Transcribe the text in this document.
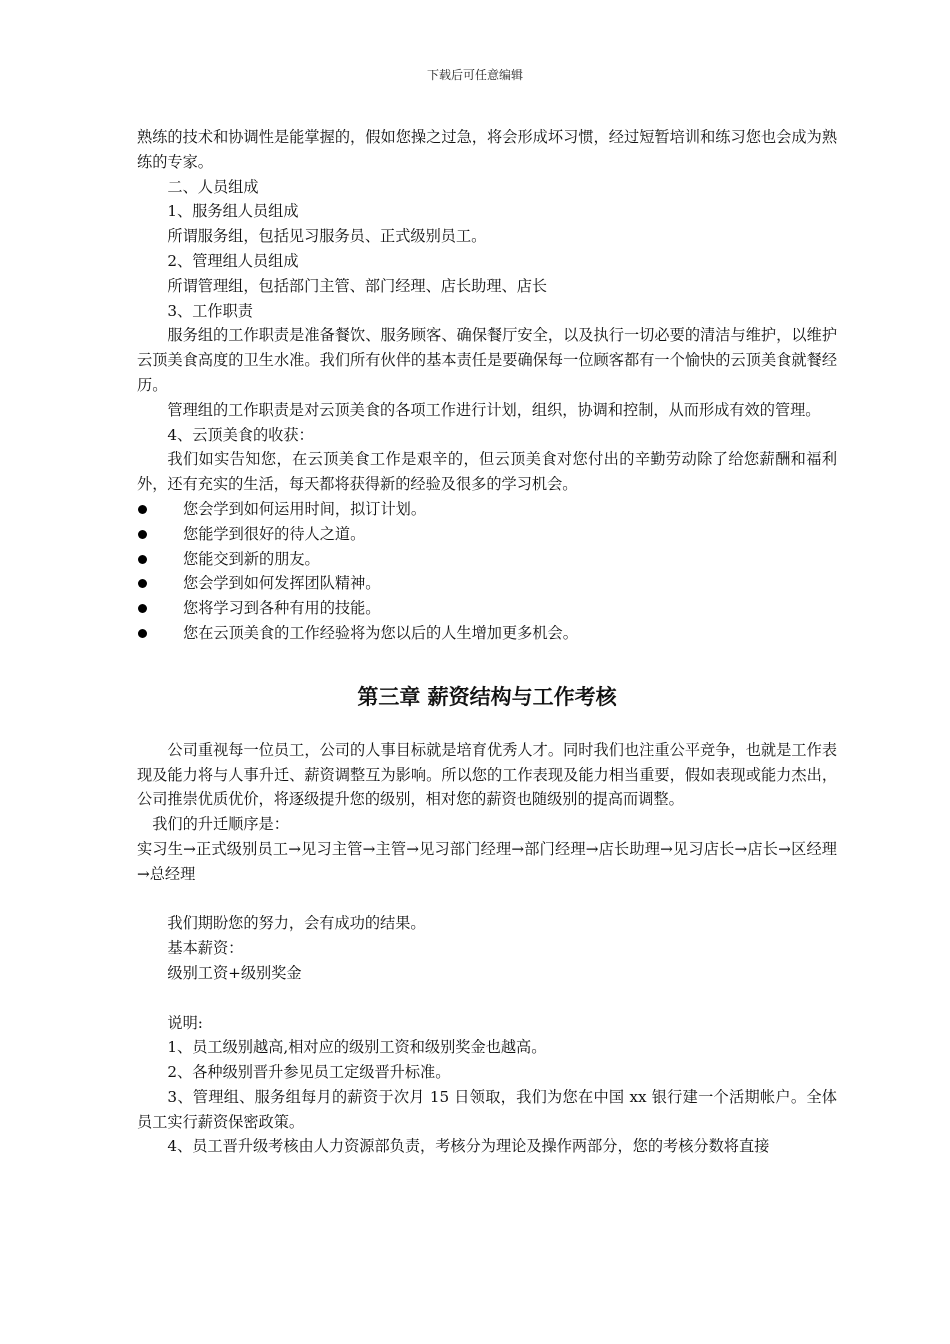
下载后可任意编辑

熟练的技术和协调性是能掌握的，假如您操之过急，将会形成坏习惯，经过短暂培训和练习您也会成为熟练的专家。

二、人员组成

1、服务组人员组成

所谓服务组，包括见习服务员、正式级别员工。

2、管理组人员组成

所谓管理组，包括部门主管、部门经理、店长助理、店长

3、工作职责

服务组的工作职责是准备餐饮、服务顾客、确保餐厅安全，以及执行一切必要的清洁与维护，以维护云顶美食高度的卫生水准。我们所有伙伴的基本责任是要确保每一位顾客都有一个愉快的云顶美食就餐经历。

管理组的工作职责是对云顶美食的各项工作进行计划，组织，协调和控制，从而形成有效的管理。

4、云顶美食的收获：

我们如实告知您，在云顶美食工作是艰辛的，但云顶美食对您付出的辛勤劳动除了给您薪酬和福利外，还有充实的生活，每天都将获得新的经验及很多的学习机会。

您会学到如何运用时间，拟订计划。
您能学到很好的待人之道。
您能交到新的朋友。
您会学到如何发挥团队精神。
您将学习到各种有用的技能。
您在云顶美食的工作经验将为您以后的人生增加更多机会。
第三章 薪资结构与工作考核

公司重视每一位员工，公司的人事目标就是培育优秀人才。同时我们也注重公平竞争，也就是工作表现及能力将与人事升迁、薪资调整互为影响。所以您的工作表现及能力相当重要，假如表现或能力杰出，公司推崇优质优价，将逐级提升您的级别，相对您的薪资也随级别的提高而调整。

我们的升迁顺序是：

实习生→正式级别员工→见习主管→主管→见习部门经理→部门经理→店长助理→见习店长→店长→区经理→总经理

我们期盼您的努力，会有成功的结果。

基本薪资：

级别工资+级别奖金

说明:

1、员工级别越高,相对应的级别工资和级别奖金也越高。

2、各种级别晋升参见员工定级晋升标准。

3、管理组、服务组每月的薪资于次月 15 日领取，我们为您在中国 xx 银行建一个活期帐户。全体员工实行薪资保密政策。

4、员工晋升级考核由人力资源部负责，考核分为理论及操作两部分，您的考核分数将直接
